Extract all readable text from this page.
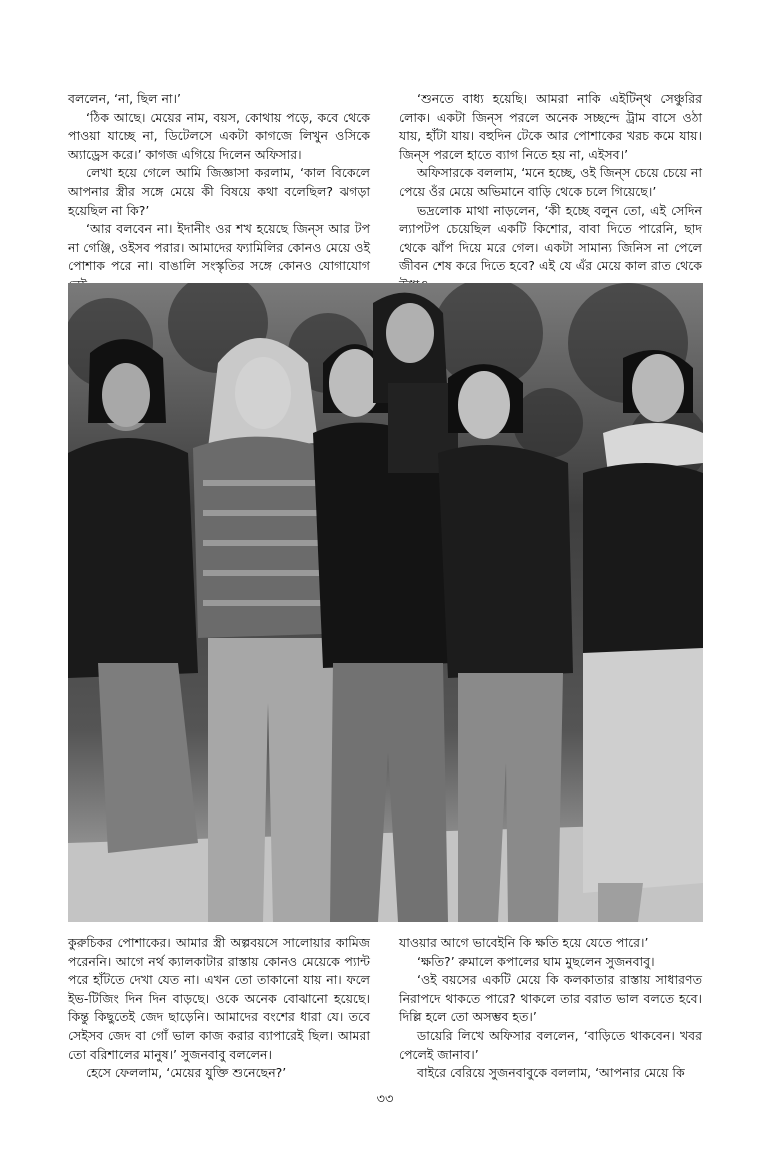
বললেন, ‘না, ছিল না।’

‘ঠিক আছে। মেয়ের নাম, বয়স, কোথায় পড়ে, কবে থেকে পাওয়া যাচ্ছে না, ডিটেলসে একটা কাগজে লিখুন ওসিকে অ্যাড্রেস করে।’ কাগজ এগিয়ে দিলেন অফিসার।

লেখা হয়ে গেলে আমি জিজ্ঞাসা করলাম, ‘কাল বিকেলে আপনার স্ত্রীর সঙ্গে মেয়ে কী বিষয়ে কথা বলেছিল? ঝগড়া হয়েছিল না কি?’

‘আর বলবেন না। ইদানীং ওর শখ হয়েছে জিন্‌স আর টপ না গেঞ্জি, ওইসব পরার। আমাদের ফ্যামিলির কোনও মেয়ে ওই পোশাক পরে না। বাঙালি সংস্কৃতির সঙ্গে কোনও যোগাযোগ

‘শুনতে বাধ্য হয়েছি। আমরা নাকি এইটিন্‌থ সেঞ্চুরির লোক। একটা জিন্‌স পরলে অনেক সচ্ছন্দে ট্রাম বাসে ওঠা যায়, হাঁটা যায়। বহুদিন টেকে আর পোশাকের খরচ কমে যায়। জিন্‌স পরলে হাতে ব্যাগ নিতে হয় না, এইসব।’

অফিসারকে বললাম, ‘মনে হচ্ছে, ওই জিন্‌স চেয়ে চেয়ে না পেয়ে ওঁর মেয়ে অভিমানে বাড়ি থেকে চলে গিয়েছে।’

ভদ্রলোক মাথা নাড়লেন, ‘কী হচ্ছে বলুন তো, এই সেদিন ল্যাপটপ চেয়েছিল একটি কিশোর, বাবা দিতে পারেনি, ছাদ থেকে ঝাঁপ দিয়ে মরে গেল। একটা সামান্য জিনিস না পেলে জীবন শেষ করে দিতে হবে? এই যে এঁর মেয়ে কাল রাত থেকে

কুরুচিকর পোশাকের। আমার স্ত্রী অল্পবয়সে সালোয়ার কামিজ পরেননি। আগে নর্থ ক্যালকাটার রাস্তায় কোনও মেয়েকে প্যান্ট পরে হাঁটতে দেখা যেত না। এখন তো তাকানো যায় না। ফলে ইভ-টিজিং দিন দিন বাড়ছে। ওকে অনেক বোঝানো হয়েছে। কিন্তু কিছুতেই জেদ ছাড়েনি। আমাদের বংশের ধারা যে। তবে সেইসব জেদ বা গোঁ ভাল কাজ করার ব্যাপারেই ছিল। আমরা তো বরিশালের মানুষ।’ সুজনবাবু বললেন।

হেসে ফেললাম, ‘মেয়ের যুক্তি শুনেছেন?’

যাওয়ার আগে ভাবেইনি কি ক্ষতি হয়ে যেতে পারে।’

‘ক্ষতি?’ রুমালে কপালের ঘাম মুছলেন সুজনবাবু।

‘ওই বয়সের একটি মেয়ে কি কলকাতার রাস্তায় সাধারণত নিরাপদে থাকতে পারে? থাকলে তার বরাত ভাল বলতে হবে। দিল্লি হলে তো অসম্ভব হত।’

ডায়েরি লিখে অফিসার বললেন, ‘বাড়িতে থাকবেন। খবর পেলেই জানাব।’

বাইরে বেরিয়ে সুজনবাবুকে বললাম, ‘আপনার মেয়ে কি

৩৩
